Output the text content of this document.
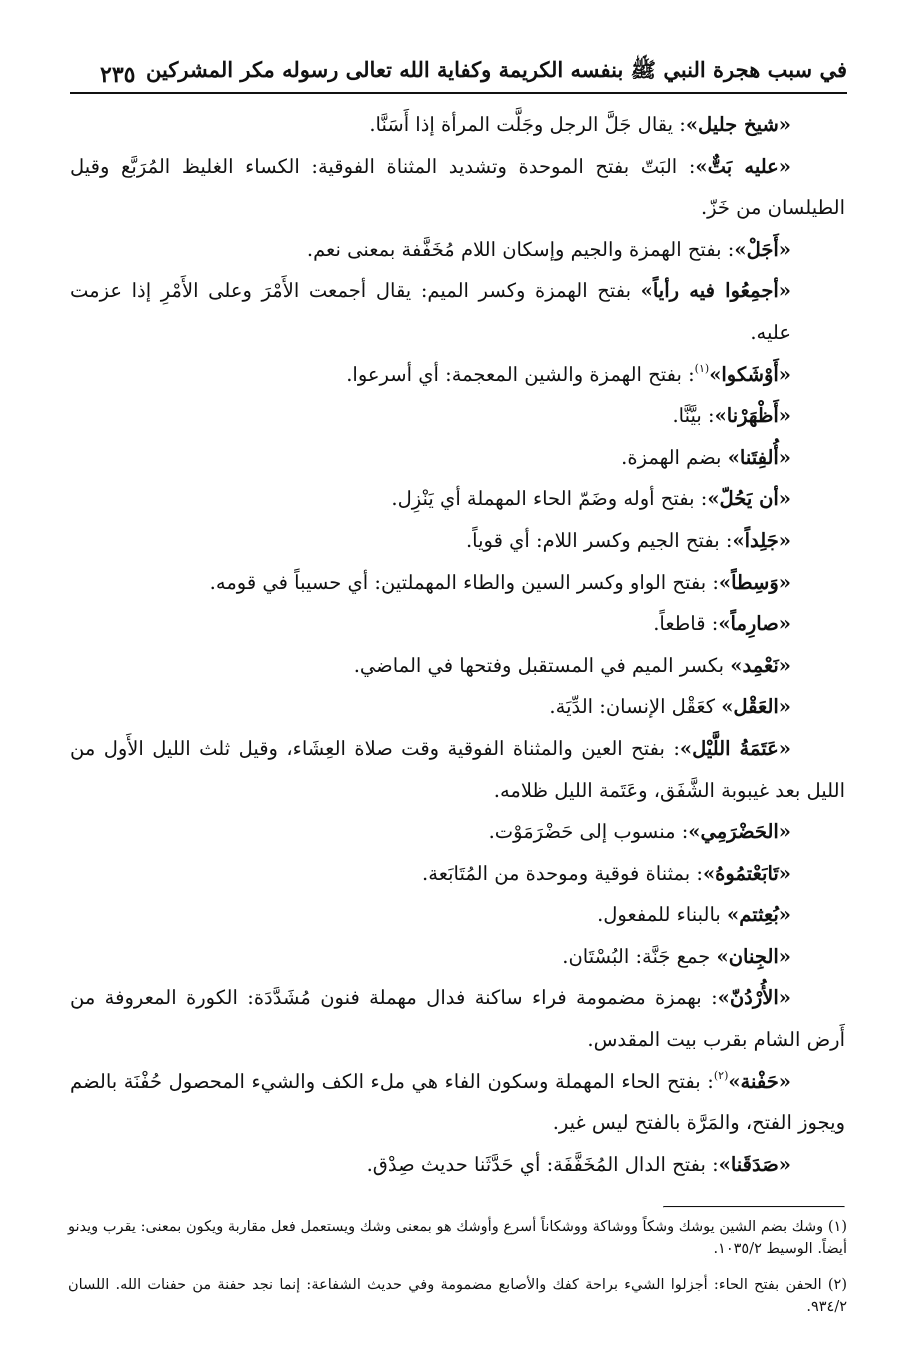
في سبب هجرة النبي ﷺ بنفسه الكريمة وكفاية الله تعالى رسوله مكر المشركين
٢٣٥

«شيخ جليل»: يقال جَلَّ الرجل وجَلَّت المرأة إذا أَسَنَّا.

«عليه بَتٌّ»: البَتّ بفتح الموحدة وتشديد المثناة الفوقية: الكساء الغليظ المُرَبَّع وقيل الطيلسان من خَزّ.

«أَجَلْ»: بفتح الهمزة والجيم وإسكان اللام مُخَفَّفة بمعنى نعم.

«أجمِعُوا فيه رأياً» بفتح الهمزة وكسر الميم: يقال أجمعت الأَمْرَ وعلى الأَمْرِ إذا عزمت عليه.

«أَوْشَكوا»$^{(١)}$: بفتح الهمزة والشين المعجمة: أي أسرعوا.

«أَظْهَرْنا»: بيَّنَّا.

«أُلفِتَنا» بضم الهمزة.

«أن يَحُلّ»: بفتح أوله وضَمّ الحاء المهملة أي يَنْزِل.

«جَلِداً»: بفتح الجيم وكسر اللام: أي قوياً.

«وَسِطاً»: بفتح الواو وكسر السين والطاء المهملتين: أي حسيباً في قومه.

«صارِماً»: قاطعاً.

«نَعْمِد» بكسر الميم في المستقبل وفتحها في الماضي.

«العَقْل» كعَقْل الإنسان: الدِّيَة.

«عَتَمَةُ اللَّيْل»: بفتح العين والمثناة الفوقية وقت صلاة العِشَاء، وقيل ثلث الليل الأَول من الليل بعد غيبوبة الشَّفَق، وعَتَمة الليل ظلامه.

«الحَضْرَمِي»: منسوب إلى حَضْرَمَوْت.

«تَابَعْتمُوهُ»: بمثناة فوقية وموحدة من المُتَابَعة.

«بُعِثتم» بالبناء للمفعول.

«الجِنان» جمع جَنَّة: البُسْتَان.

«الأُرْدُنّ»: بهمزة مضمومة فراء ساكنة فدال مهملة فنون مُشَدَّدَة: الكورة المعروفة من أَرض الشام بقرب بيت المقدس.

«حَفْنة»$^{(٢)}$: بفتح الحاء المهملة وسكون الفاء هي ملء الكف والشيء المحصول حُفْنَة بالضم ويجوز الفتح، والمَرَّة بالفتح ليس غير.

«صَدَقَنا»: بفتح الدال المُخَفَّفَة: أي حَدَّثَنا حديث صِدْق.

(١) وشك بضم الشين يوشك وشكاً ووشاكة ووشكاناً أسرع وأوشك هو بمعنى وشك ويستعمل فعل مقاربة ويكون بمعنى: يقرب ويدنو أيضاً. الوسيط ١٠٣٥/٢.

(٢) الحفن بفتح الحاء: أجزلوا الشيء براحة كفك والأصابع مضمومة وفي حديث الشفاعة: إنما نجد حفنة من حفنات الله. اللسان ٩٣٤/٢.
